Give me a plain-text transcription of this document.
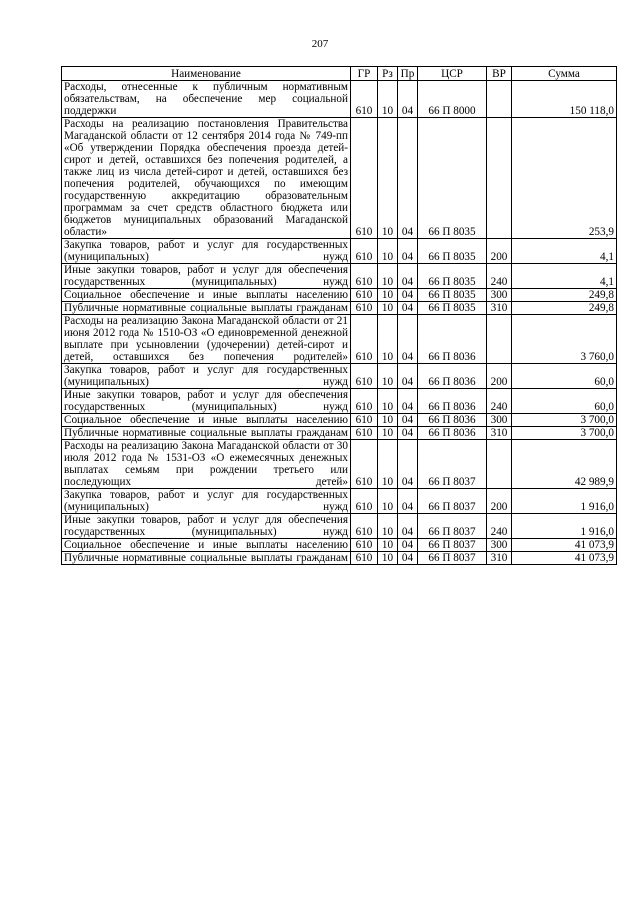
207
Наименование	ГР	Рз	Пр	ЦСР	ВР	Сумма
Расходы, отнесенные к публичным нормативным обязательствам, на обеспечение мер социальной поддержки	610	10	04	66 П 8000		150 118,0
Расходы на реализацию постановления Правительства Магаданской области от 12 сентября 2014 года № 749-пп «Об утверждении Порядка обеспечения проезда детей-сирот и детей, оставшихся без попечения родителей, а также лиц из числа детей-сирот и детей, оставшихся без попечения родителей, обучающихся по имеющим государственную аккредитацию образовательным программам за счет средств областного бюджета или бюджетов муниципальных образований Магаданской области»	610	10	04	66 П 8035		253,9
Закупка товаров, работ и услуг для государственных (муниципальных) нужд	610	10	04	66 П 8035	200	4,1
Иные закупки товаров, работ и услуг для обеспечения государственных (муниципальных) нужд	610	10	04	66 П 8035	240	4,1
Социальное обеспечение и иные выплаты населению	610	10	04	66 П 8035	300	249,8
Публичные нормативные социальные выплаты гражданам	610	10	04	66 П 8035	310	249,8
Расходы на реализацию Закона Магаданской области от 21 июня 2012 года № 1510-ОЗ «О единовременной денежной выплате при усыновлении (удочерении) детей-сирот и детей, оставшихся без попечения родителей»	610	10	04	66 П 8036		3 760,0
Закупка товаров, работ и услуг для государственных (муниципальных) нужд	610	10	04	66 П 8036	200	60,0
Иные закупки товаров, работ и услуг для обеспечения государственных (муниципальных) нужд	610	10	04	66 П 8036	240	60,0
Социальное обеспечение и иные выплаты населению	610	10	04	66 П 8036	300	3 700,0
Публичные нормативные социальные выплаты гражданам	610	10	04	66 П 8036	310	3 700,0
Расходы на реализацию Закона Магаданской области от 30 июля 2012 года № 1531-ОЗ «О ежемесячных денежных выплатах семьям при рождении третьего или последующих детей»	610	10	04	66 П 8037		42 989,9
Закупка товаров, работ и услуг для государственных (муниципальных) нужд	610	10	04	66 П 8037	200	1 916,0
Иные закупки товаров, работ и услуг для обеспечения государственных (муниципальных) нужд	610	10	04	66 П 8037	240	1 916,0
Социальное обеспечение и иные выплаты населению	610	10	04	66 П 8037	300	41 073,9
Публичные нормативные социальные выплаты гражданам	610	10	04	66 П 8037	310	41 073,9
